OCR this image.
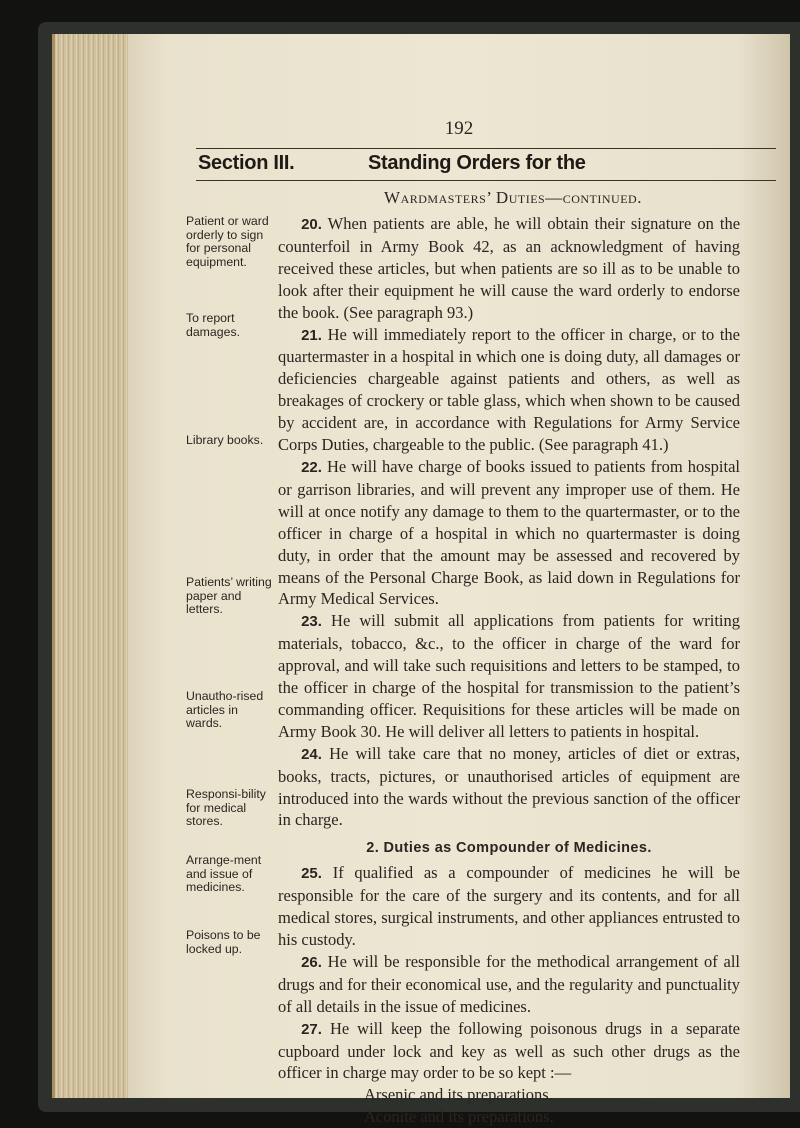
192
Section III.	Standing Orders for the
Wardmasters’ Duties—continued.
Patient or ward orderly to sign for personal equipment.
To report damages.
Library books.
Patients’ writing paper and letters.
Unautho-rised articles in wards.
Responsi-bility for medical stores.
Arrange-ment and issue of medicines.
Poisons to be locked up.

20. When patients are able, he will obtain their signature on the counterfoil in Army Book 42, as an acknowledgment of having received these articles, but when patients are so ill as to be unable to look after their equipment he will cause the ward orderly to endorse the book. (See paragraph 93.)

21. He will immediately report to the officer in charge, or to the quartermaster in a hospital in which one is doing duty, all damages or deficiencies chargeable against patients and others, as well as breakages of crockery or table glass, which when shown to be caused by accident are, in accordance with Regulations for Army Service Corps Duties, chargeable to the public. (See paragraph 41.)

22. He will have charge of books issued to patients from hospital or garrison libraries, and will prevent any improper use of them. He will at once notify any damage to them to the quartermaster, or to the officer in charge of a hospital in which no quartermaster is doing duty, in order that the amount may be assessed and recovered by means of the Personal Charge Book, as laid down in Regulations for Army Medical Services.

23. He will submit all applications from patients for writing materials, tobacco, &c., to the officer in charge of the ward for approval, and will take such requisitions and letters to be stamped, to the officer in charge of the hospital for transmission to the patient’s commanding officer. Requisitions for these articles will be made on Army Book 30. He will deliver all letters to patients in hospital.

24. He will take care that no money, articles of diet or extras, books, tracts, pictures, or unauthorised articles of equipment are introduced into the wards without the previous sanction of the officer in charge.

2. Duties as Compounder of Medicines.

25. If qualified as a compounder of medicines he will be responsible for the care of the surgery and its contents, and for all medical stores, surgical instruments, and other appliances entrusted to his custody.

26. He will be responsible for the methodical arrangement of all drugs and for their economical use, and the regularity and punctuality of all details in the issue of medicines.

27. He will keep the following poisonous drugs in a separate cupboard under lock and key as well as such other drugs as the officer in charge may order to be so kept :—

Arsenic and its preparations.

Aconite and its preparations.
